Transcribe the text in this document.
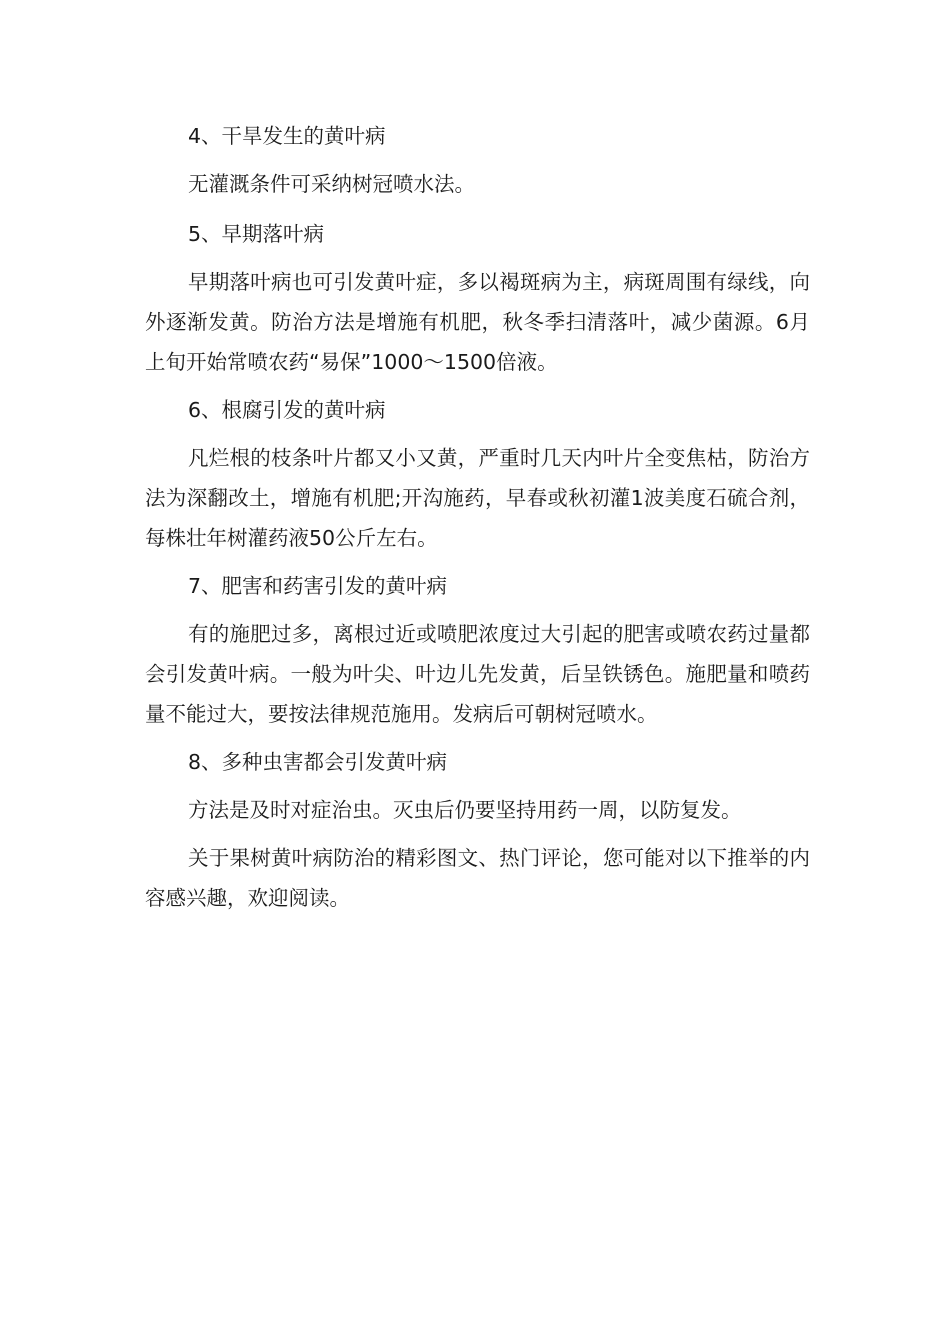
4、干旱发生的黄叶病

无灌溉条件可采纳树冠喷水法。

5、早期落叶病

早期落叶病也可引发黄叶症，多以褐斑病为主，病斑周围有绿线，向外逐渐发黄。防治方法是增施有机肥，秋冬季扫清落叶，减少菌源。6月上旬开始常喷农药“易保”1000～1500倍液。

6、根腐引发的黄叶病

凡烂根的枝条叶片都又小又黄，严重时几天内叶片全变焦枯，防治方法为深翻改土，增施有机肥;开沟施药，早春或秋初灌1波美度石硫合剂，每株壮年树灌药液50公斤左右。

7、肥害和药害引发的黄叶病

有的施肥过多，离根过近或喷肥浓度过大引起的肥害或喷农药过量都会引发黄叶病。一般为叶尖、叶边儿先发黄，后呈铁锈色。施肥量和喷药量不能过大，要按法律规范施用。发病后可朝树冠喷水。

8、多种虫害都会引发黄叶病

方法是及时对症治虫。灭虫后仍要坚持用药一周，以防复发。

关于果树黄叶病防治的精彩图文、热门评论，您可能对以下推举的内容感兴趣，欢迎阅读。
